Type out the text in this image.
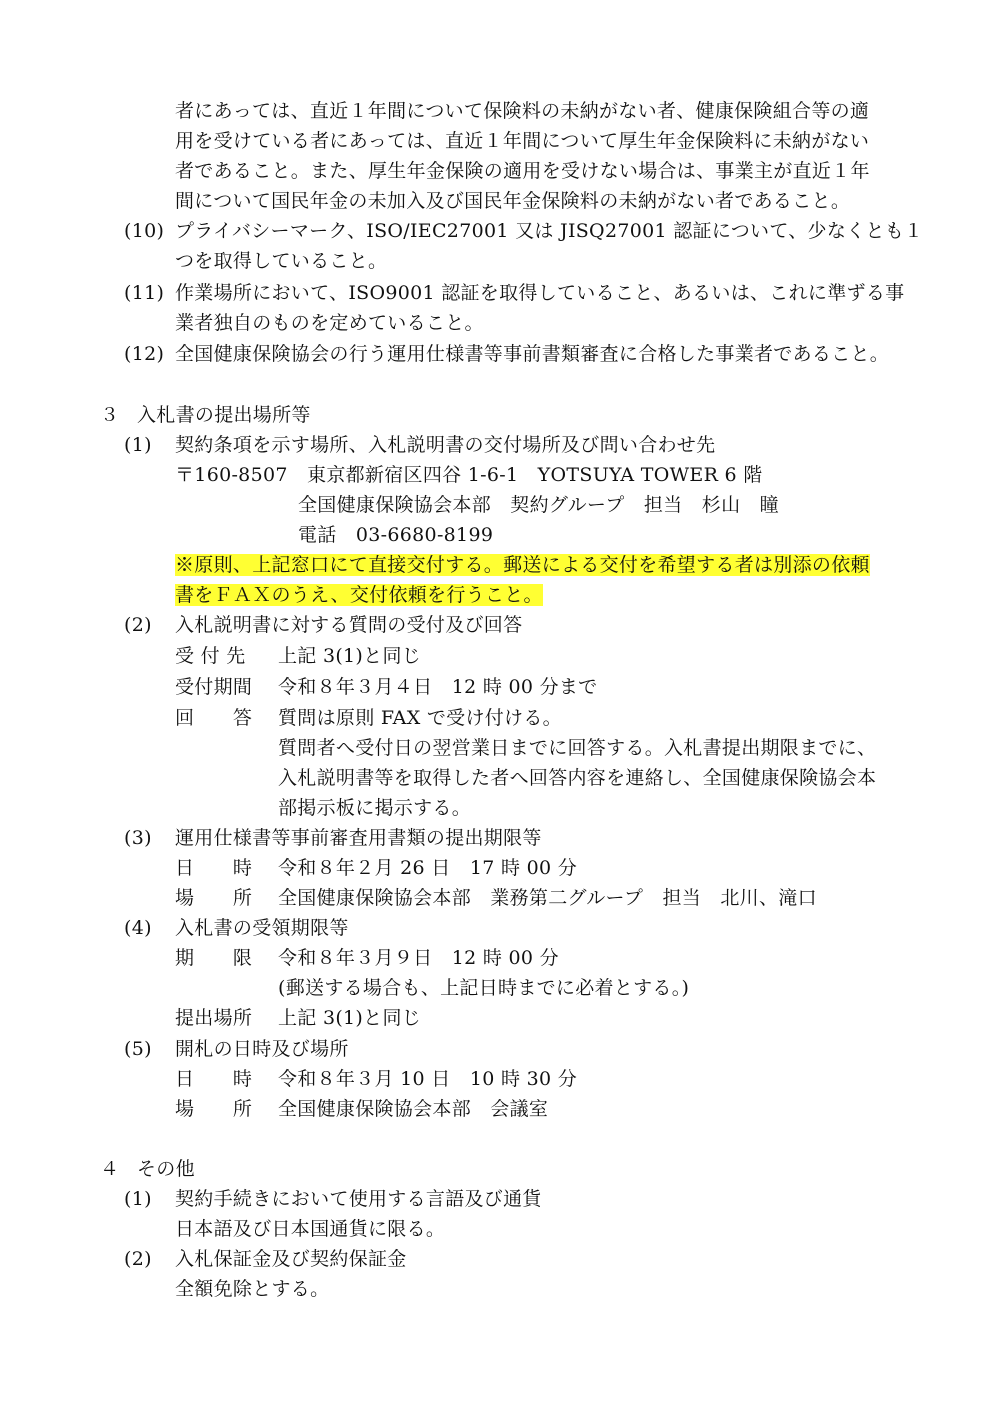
者にあっては、直近１年間について保険料の未納がない者、健康保険組合等の適
用を受けている者にあっては、直近１年間について厚生年金保険料に未納がない
者であること。また、厚生年金保険の適用を受けない場合は、事業主が直近１年
間について国民年金の未加入及び国民年金保険料の未納がない者であること。
(10) プライバシーマーク、ISO/IEC27001 又は JISQ27001 認証について、少なくとも１
つを取得していること。
(11) 作業場所において、ISO9001 認証を取得していること、あるいは、これに準ずる事
業者独自のものを定めていること。
(12) 全国健康保険協会の行う運用仕様書等事前書類審査に合格した事業者であること。
３ 入札書の提出場所等
(1) 契約条項を示す場所、入札説明書の交付場所及び問い合わせ先
〒160-8507　東京都新宿区四谷 1-6-1　YOTSUYA TOWER 6 階
全国健康保険協会本部　契約グループ　担当　杉山　瞳
電話　03-6680-8199
※原則、上記窓口にて直接交付する。郵送による交付を希望する者は別添の依頼
書をＦＡＸのうえ、交付依頼を行うこと。
(2) 入札説明書に対する質問の受付及び回答
受 付 先 上記 3(1)と同じ
受付期間 令和８年３月４日　12 時 00 分まで
回　　答 質問は原則 FAX で受け付ける。
質問者へ受付日の翌営業日までに回答する。入札書提出期限までに、
入札説明書等を取得した者へ回答内容を連絡し、全国健康保険協会本
部掲示板に掲示する。
(3) 運用仕様書等事前審査用書類の提出期限等
日　　時 令和８年２月 26 日　17 時 00 分
場　　所 全国健康保険協会本部　業務第二グループ　担当　北川、滝口
(4) 入札書の受領期限等
期　　限 令和８年３月９日　12 時 00 分
(郵送する場合も、上記日時までに必着とする。)
提出場所 上記 3(1)と同じ
(5) 開札の日時及び場所
日　　時 令和８年３月 10 日　10 時 30 分
場　　所 全国健康保険協会本部　会議室
４ その他
(1) 契約手続きにおいて使用する言語及び通貨
日本語及び日本国通貨に限る。
(2) 入札保証金及び契約保証金
全額免除とする。
